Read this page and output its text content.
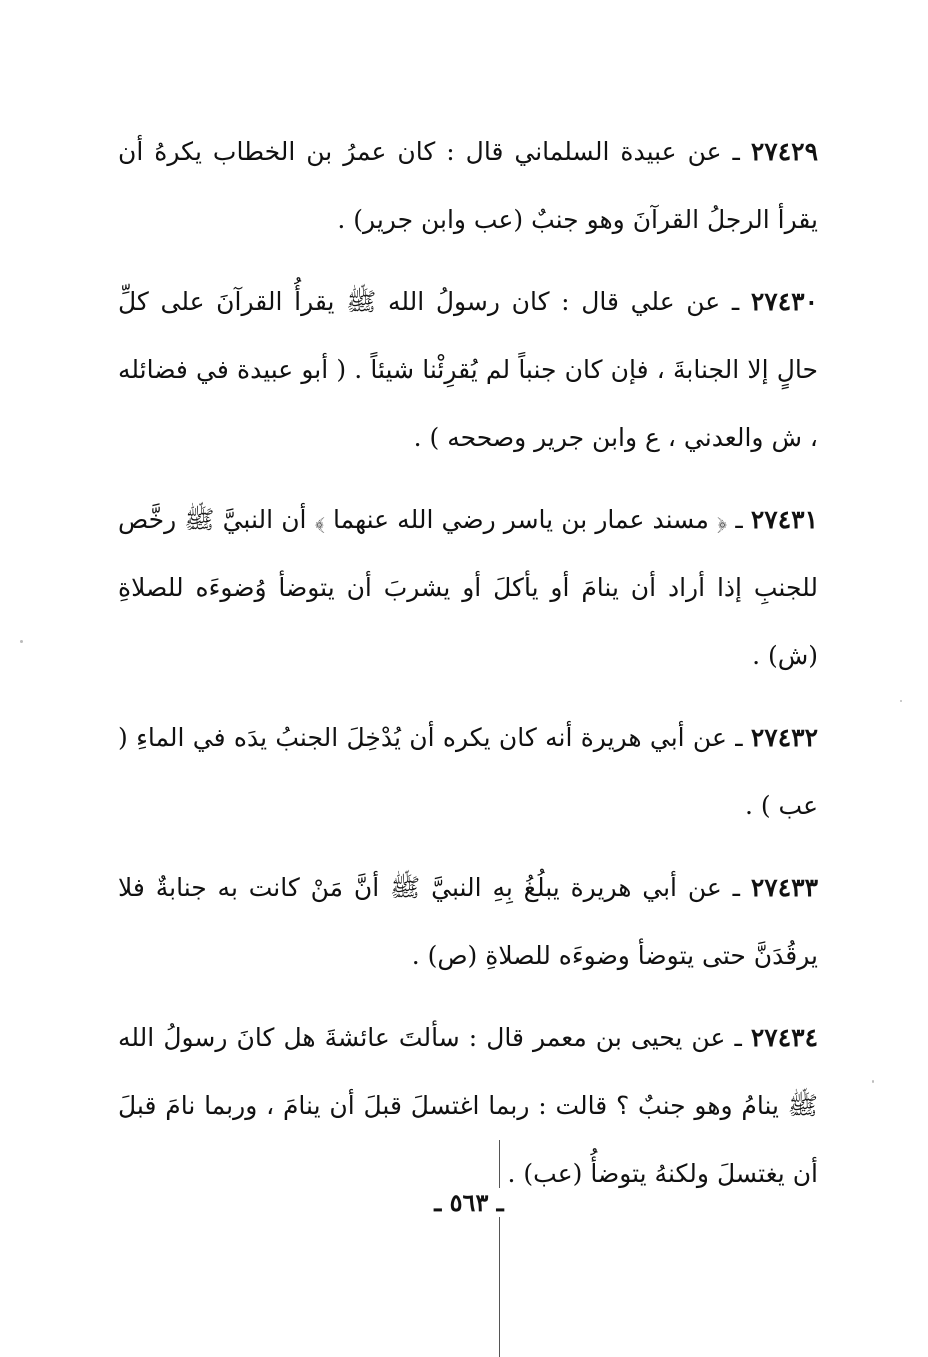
٢٧٤٢٩ ـ عن عبيدة السلماني قال : كان عمرُ بن الخطاب يكرهُ أن يقرأ الرجلُ القرآنَ وهو جنبٌ (عب وابن جرير) .

٢٧٤٣٠ ـ عن علي قال : كان رسولُ الله ﷺ يقرأُ القرآنَ على كلِّ حالٍ إلا الجنابةَ ، فإن كان جنباً لم يُقرِئْنا شيئاً . ( أبو عبيدة في فضائله ، ش والعدني ، ع وابن جرير وصححه ) .

٢٧٤٣١ ـ ﴿ مسند عمار بن ياسر رضي الله عنهما ﴾ أن النبيَّ ﷺ رخَّص للجنبِ إذا أراد أن ينامَ أو يأكلَ أو يشربَ أن يتوضأ وُضوءَه للصلاةِ (ش) .

٢٧٤٣٢ ـ عن أبي هريرة أنه كان يكره أن يُدْخِلَ الجنبُ يدَه في الماءِ ( عب ) .

٢٧٤٣٣ ـ عن أبي هريرة يبلُغُ بِهِ النبيَّ ﷺ أنَّ مَنْ كانت به جنابةٌ فلا يرقُدَنَّ حتى يتوضأ وضوءَه للصلاةِ (ص) .

٢٧٤٣٤ ـ عن يحيى بن معمر قال : سألتَ عائشةَ هل كانَ رسولُ الله ﷺ ينامُ وهو جنبٌ ؟ قالت : ربما اغتسلَ قبلَ أن ينامَ ، وربما نامَ قبلَ أن يغتسلَ ولكنهُ يتوضأُ (عب) .

ـ ٥٦٣ ـ
